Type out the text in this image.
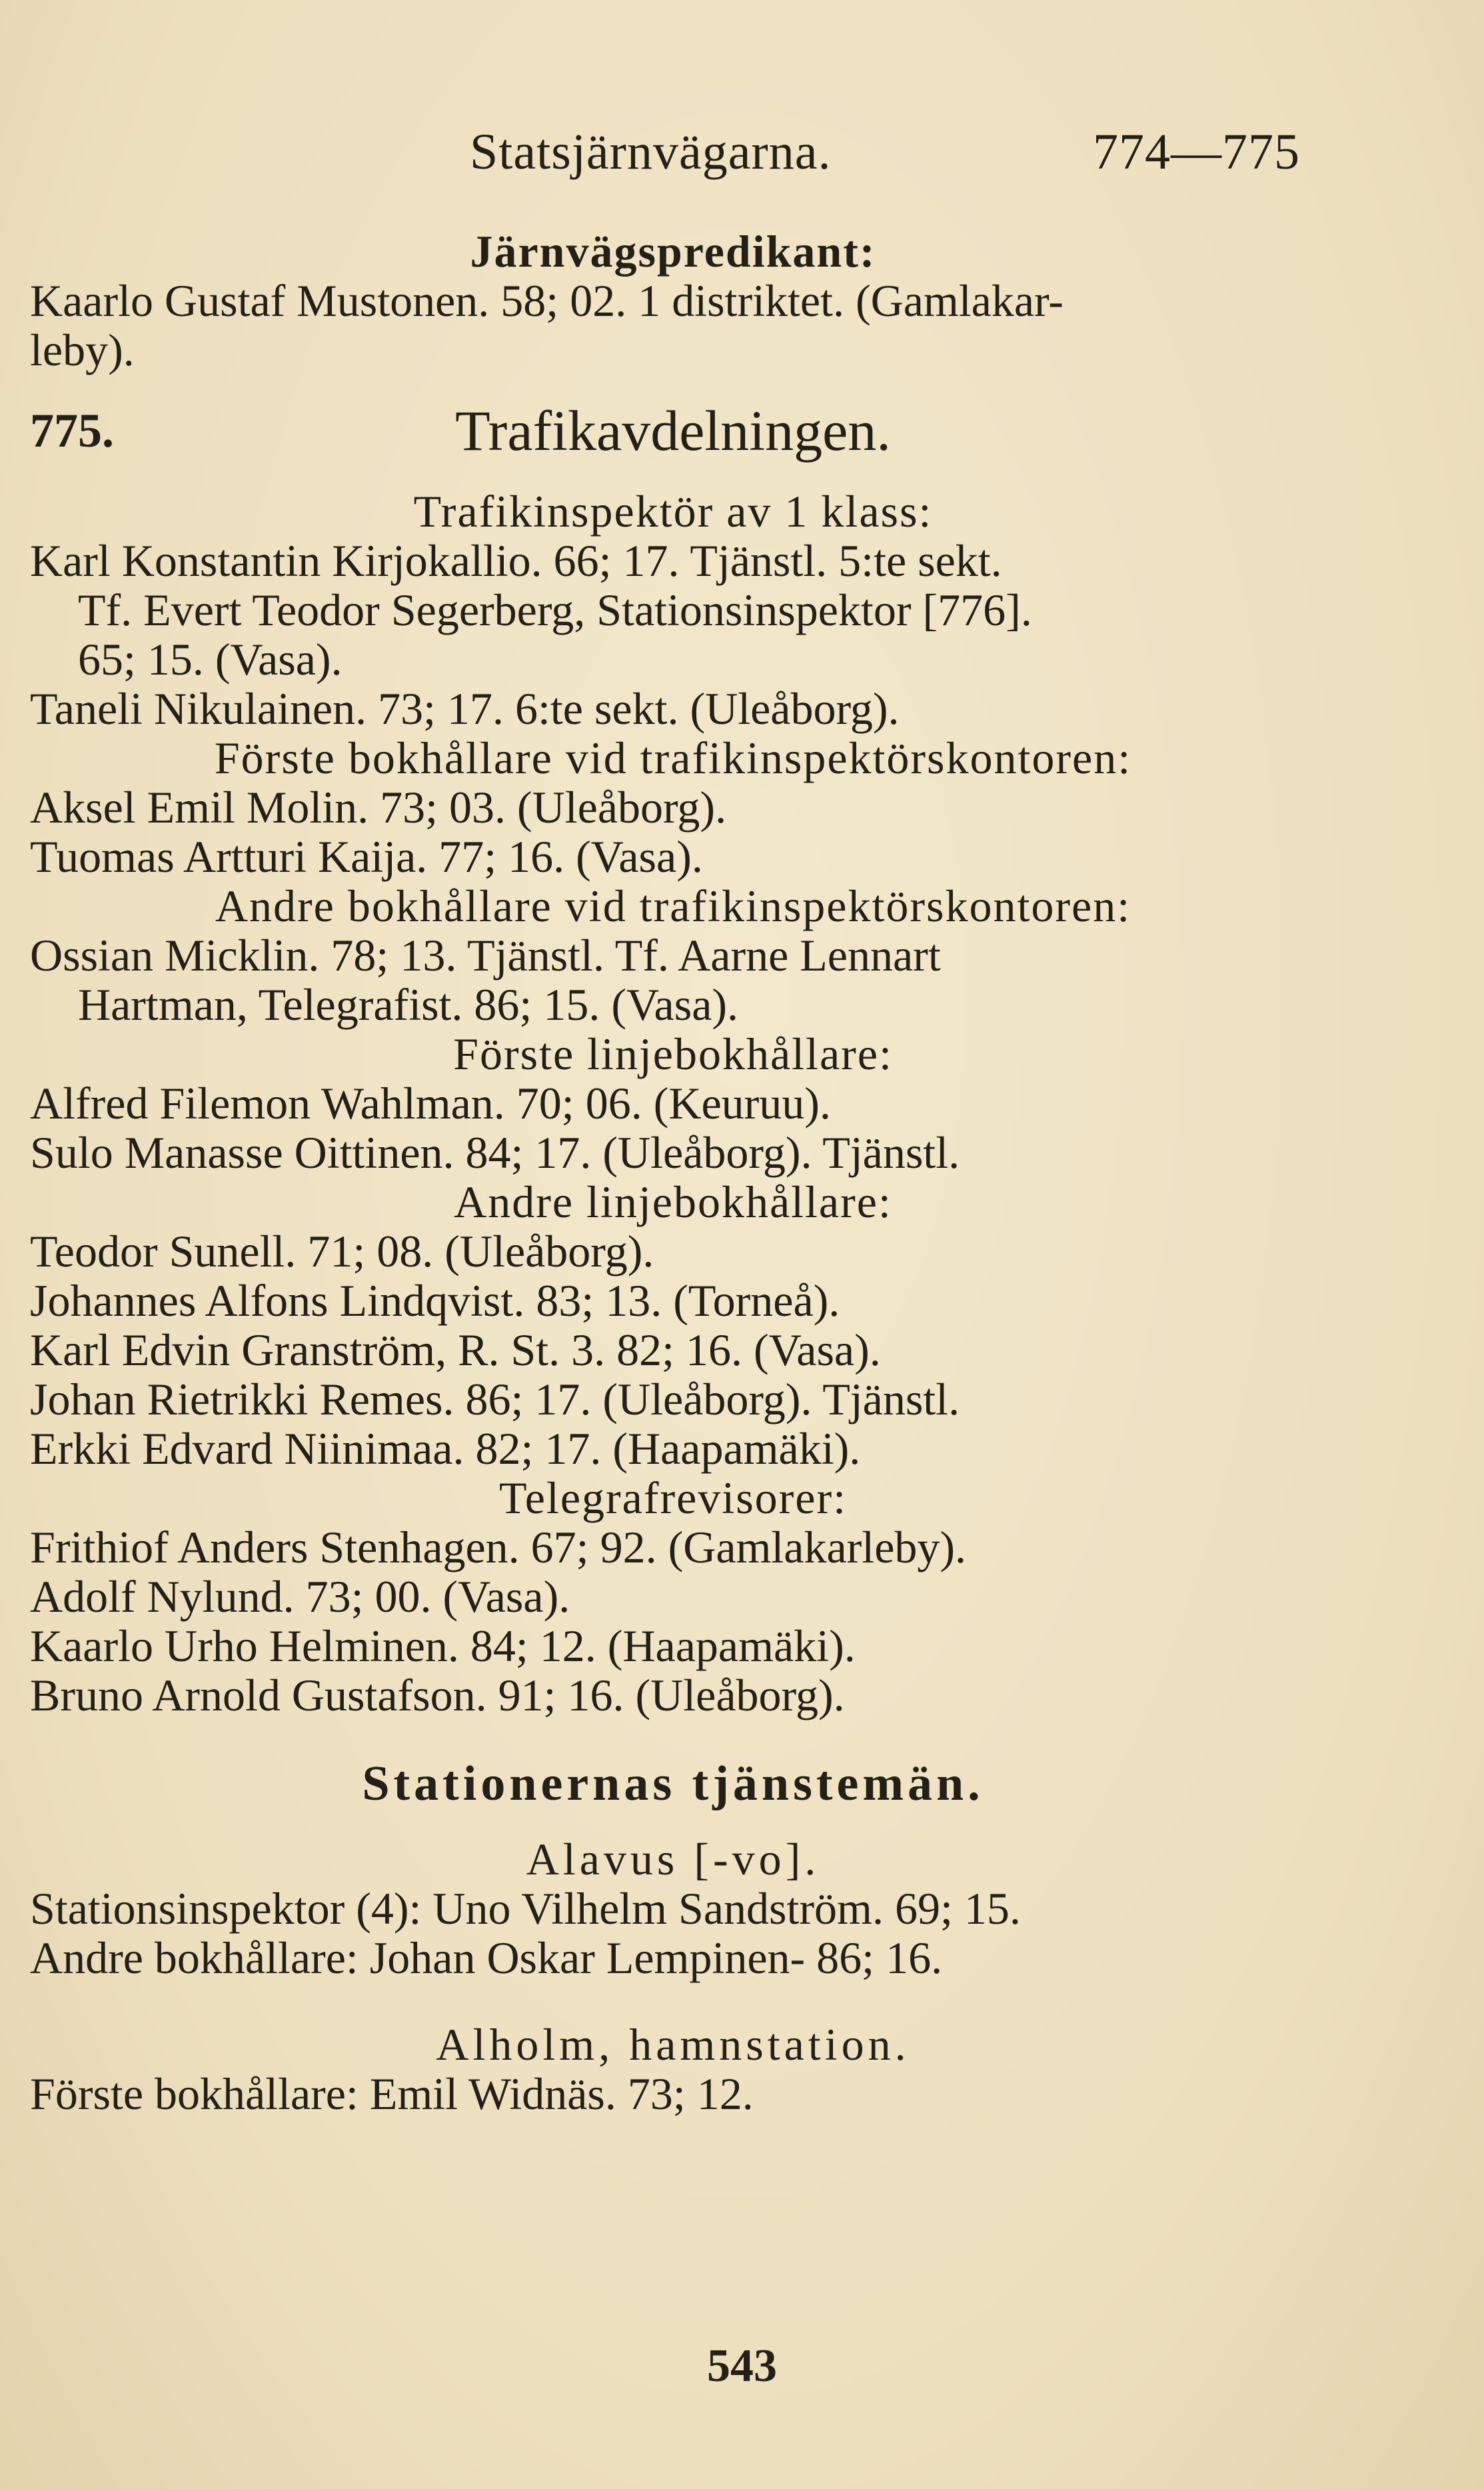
Statsjärnvägarna.	774—775
Järnvägspredikant:
Kaarlo Gustaf Mustonen. 58; 02. 1 distriktet. (Gamlakar-
leby).
775.	Trafikavdelningen.
Trafikinspektör av 1 klass:
Karl Konstantin Kirjokallio. 66; 17. Tjänstl. 5:te sekt.
Tf. Evert Teodor Segerberg, Stationsinspektor [776].
65; 15. (Vasa).
Taneli Nikulainen. 73; 17. 6:te sekt. (Uleåborg).
Förste bokhållare vid trafikinspektörskontoren:
Aksel Emil Molin. 73; 03. (Uleåborg).
Tuomas Artturi Kaija. 77; 16. (Vasa).
Andre bokhållare vid trafikinspektörskontoren:
Ossian Micklin. 78; 13. Tjänstl. Tf. Aarne Lennart
Hartman, Telegrafist. 86; 15. (Vasa).
Förste linjebokhållare:
Alfred Filemon Wahlman. 70; 06. (Keuruu).
Sulo Manasse Oittinen. 84; 17. (Uleåborg). Tjänstl.
Andre linjebokhållare:
Teodor Sunell. 71; 08. (Uleåborg).
Johannes Alfons Lindqvist. 83; 13. (Torneå).
Karl Edvin Granström, R. St. 3. 82; 16. (Vasa).
Johan Rietrikki Remes. 86; 17. (Uleåborg). Tjänstl.
Erkki Edvard Niinimaa. 82; 17. (Haapamäki).
Telegrafrevisorer:
Frithiof Anders Stenhagen. 67; 92. (Gamlakarleby).
Adolf Nylund. 73; 00. (Vasa).
Kaarlo Urho Helminen. 84; 12. (Haapamäki).
Bruno Arnold Gustafson. 91; 16. (Uleåborg).
Stationernas tjänstemän.
Alavus [-vo].
Stationsinspektor (4): Uno Vilhelm Sandström. 69; 15.
Andre bokhållare: Johan Oskar Lempinen- 86; 16.
Alholm, hamnstation.
Förste bokhållare: Emil Widnäs. 73; 12.
543
